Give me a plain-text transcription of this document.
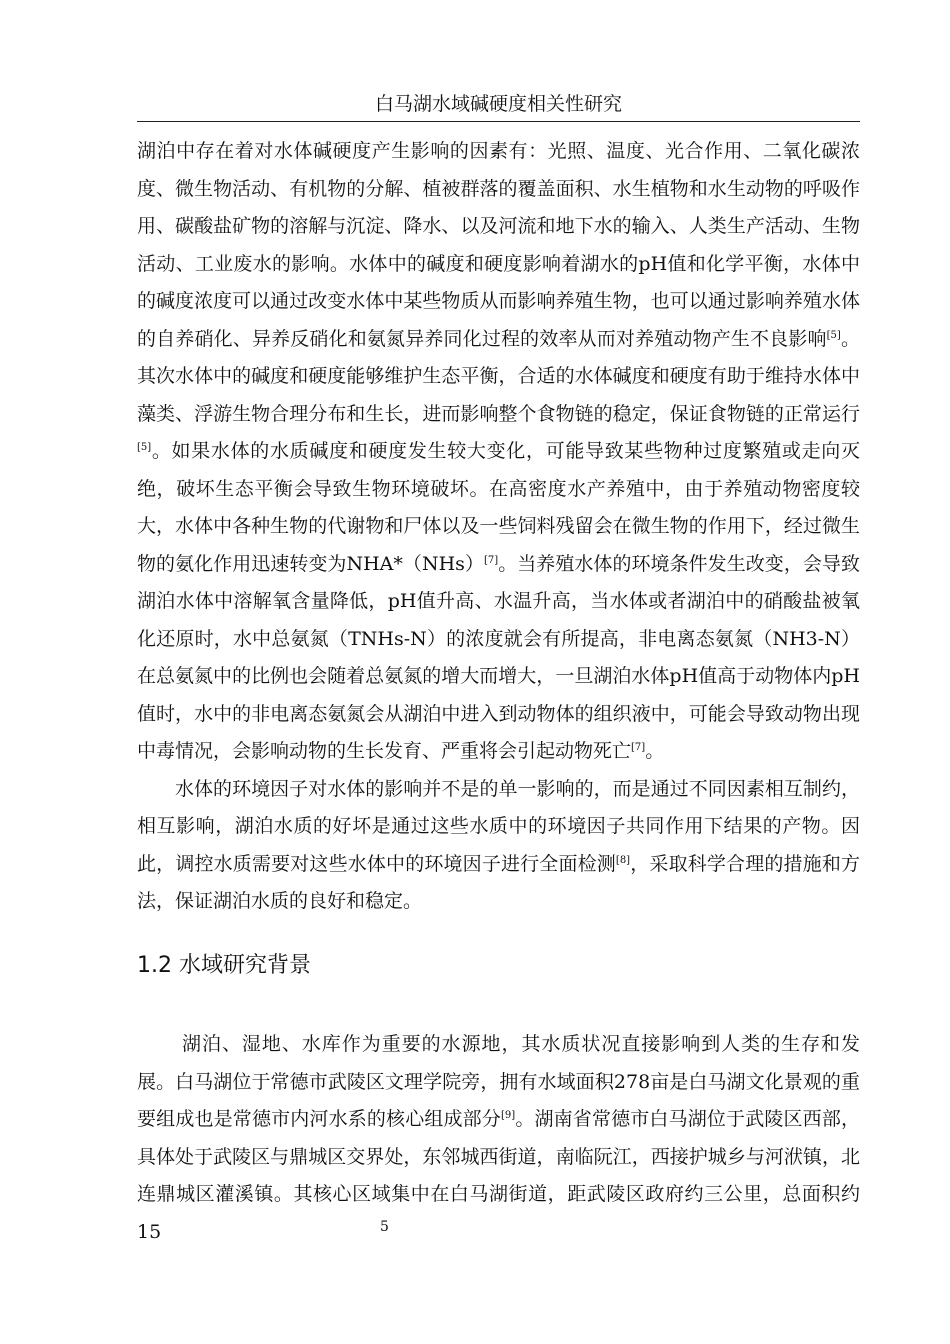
白马湖水域碱硬度相关性研究

湖泊中存在着对水体碱硬度产生影响的因素有：光照、温度、光合作用、二氧化碳浓度、微生物活动、有机物的分解、植被群落的覆盖面积、水生植物和水生动物的呼吸作用、碳酸盐矿物的溶解与沉淀、降水、以及河流和地下水的输入、人类生产活动、生物活动、工业废水的影响。水体中的碱度和硬度影响着湖水的pH值和化学平衡，水体中的碱度浓度可以通过改变水体中某些物质从而影响养殖生物，也可以通过影响养殖水体的自养硝化、异养反硝化和氨氮异养同化过程的效率从而对养殖动物产生不良影响[5]。其次水体中的碱度和硬度能够维护生态平衡，合适的水体碱度和硬度有助于维持水体中藻类、浮游生物合理分布和生长，进而影响整个食物链的稳定，保证食物链的正常运行[5]。如果水体的水质碱度和硬度发生较大变化，可能导致某些物种过度繁殖或走向灭绝，破坏生态平衡会导致生物环境破坏。在高密度水产养殖中，由于养殖动物密度较大，水体中各种生物的代谢物和尸体以及一些饲料残留会在微生物的作用下，经过微生物的氨化作用迅速转变为NHA*（NHs）[7]。当养殖水体的环境条件发生改变，会导致湖泊水体中溶解氧含量降低，pH值升高、水温升高，当水体或者湖泊中的硝酸盐被氧化还原时，水中总氨氮（TNHs-N）的浓度就会有所提高，非电离态氨氮（NH3-N）在总氨氮中的比例也会随着总氨氮的增大而增大，一旦湖泊水体pH值高于动物体内pH值时，水中的非电离态氨氮会从湖泊中进入到动物体的组织液中，可能会导致动物出现中毒情况，会影响动物的生长发育、严重将会引起动物死亡[7]。

水体的环境因子对水体的影响并不是的单一影响的，而是通过不同因素相互制约，相互影响，湖泊水质的好坏是通过这些水质中的环境因子共同作用下结果的产物。因此，调控水质需要对这些水体中的环境因子进行全面检测[8]，采取科学合理的措施和方法，保证湖泊水质的良好和稳定。

1.2 水域研究背景

湖泊、湿地、水库作为重要的水源地，其水质状况直接影响到人类的生存和发展。白马湖位于常德市武陵区文理学院旁，拥有水域面积278亩是白马湖文化景观的重要组成也是常德市内河水系的核心组成部分[9]。湖南省常德市白马湖位于武陵区西部，具体处于武陵区与鼎城区交界处，东邻城西街道，南临阮江，西接护城乡与河洑镇，北连鼎城区灌溪镇。其核心区域集中在白马湖街道，距武陵区政府约三公里，总面积约15	5
